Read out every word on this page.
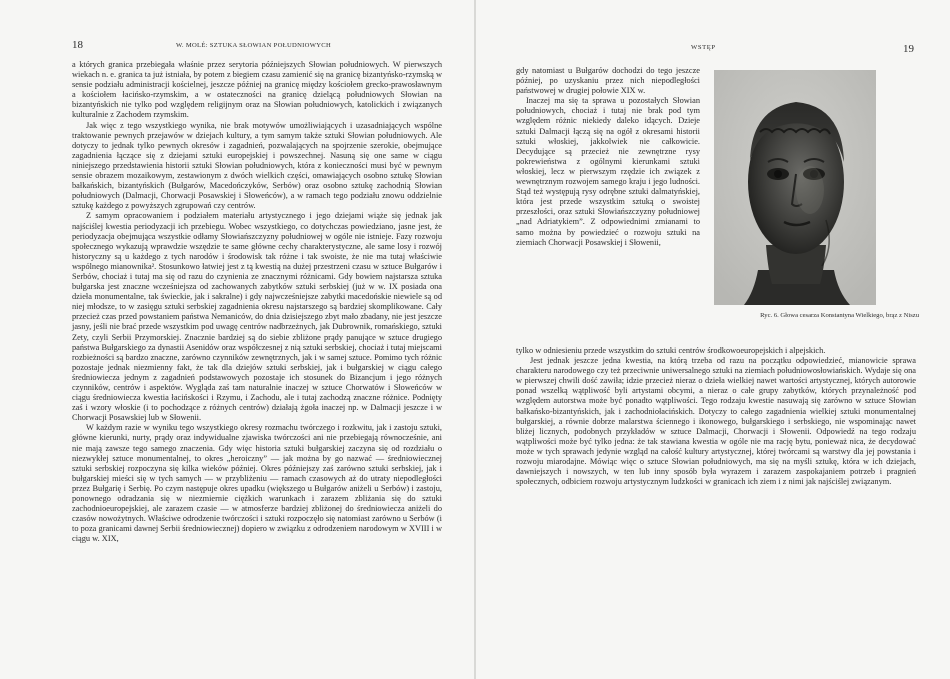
18	W. MOLÉ: SZTUKA SŁOWIAN POŁUDNIOWYCH

a których granica przebiegała właśnie przez serytoria późniejszych Słowian południowych. W pierwszych wiekach n. e. granica ta już istniała, by potem z biegiem czasu zamienić się na granicę bizantyńsko-rzymską w sensie podziału administracji kościelnej, jeszcze później na granicę między kościołem grecko-prawosławnym a kościołem łacińsko-rzymskim, a w ostateczności na granicę dzielącą południowych Słowian na bizantyńskich nie tylko pod względem religijnym oraz na Słowian południowych, katolickich i związanych kulturalnie z Zachodem rzymskim.

Jak więc z tego wszystkiego wynika, nie brak motywów umożliwiających i uzasadniających wspólne traktowanie pewnych przejawów w dziejach kultury, a tym samym także sztuki Słowian południowych. Ale dotyczy to jednak tylko pewnych okresów i zagadnień, pozwalających na spojrzenie szerokie, obejmujące zagadnienia łączące się z dziejami sztuki europejskiej i powszechnej. Nasuną się one same w ciągu niniejszego przedstawienia historii sztuki Słowian południowych, która z konieczności musi być w pewnym sensie obrazem mozaikowym, zestawionym z dwóch wielkich części, omawiających osobno sztukę Słowian bałkańskich, bizantyńskich (Bułgarów, Macedończyków, Serbów) oraz osobno sztukę zachodnią Słowian południowych (Dalmacji, Chorwacji Posawskiej i Słoweńców), a w ramach tego podziału znowu oddzielnie sztukę każdego z powyższych zgrupowań czy centrów.

Z samym opracowaniem i podziałem materiału artystycznego i jego dziejami wiąże się jednak jak najściślej kwestia periodyzacji ich przebiegu. Wobec wszystkiego, co dotychczas powiedziano, jasne jest, że periodyzacja obejmująca wszystkie odłamy Słowiańszczyzny południowej w ogóle nie istnieje. Fazy rozwoju społecznego wykazują wprawdzie wszędzie te same główne cechy charakterystyczne, ale same losy i rozwój historyczny są u każdego z tych narodów i środowisk tak różne i tak swoiste, że nie ma tutaj właściwie wspólnego mianownika². Stosunkowo łatwiej jest z tą kwestią na dużej przestrzeni czasu w sztuce Bułgarów i Serbów, chociaż i tutaj ma się od razu do czynienia ze znacznymi różnicami. Gdy bowiem najstarsza sztuka bułgarska jest znaczne wcześniejsza od zachowanych zabytków sztuki serbskiej (już w w. IX posiada ona dzieła monumentalne, tak świeckie, jak i sakralne) i gdy najwcześniejsze zabytki macedońskie niewiele są od niej młodsze, to w zasięgu sztuki serbskiej zagadnienia okresu najstarszego są bardziej skomplikowane. Cały przecież czas przed powstaniem państwa Nemaniców, do dnia dzisiejszego zbyt mało zbadany, nie jest jeszcze jasny, jeśli nie brać przede wszystkim pod uwagę centrów nadbrzeżnych, jak Dubrownik, romańskiego, sztuki Zety, czyli Serbii Przymorskiej. Znacznie bardziej są do siebie zbliżone prądy panujące w sztuce drugiego państwa Bułgarskiego za dynastii Asenidów oraz współczesnej z nią sztuki serbskiej, chociaż i tutaj miejscami rozbieżności są bardzo znaczne, zarówno czynników zewnętrznych, jak i w samej sztuce. Pomimo tych różnic pozostaje jednak niezmienny fakt, że tak dla dziejów sztuki serbskiej, jak i bułgarskiej w ciągu całego średniowiecza jednym z zagadnień podstawowych pozostaje ich stosunek do Bizancjum i jego różnych czynników, centrów i aspektów. Wygląda zaś tam naturalnie inaczej w sztuce Chorwatów i Słoweńców w ciągu średniowiecza kwestia łacińskości i Rzymu, i Zachodu, ale i tutaj zachodzą znaczne różnice. Podnięty zaś i wzory włoskie (i to pochodzące z różnych centrów) działają żgoła inaczej np. w Dalmacji jeszcze i w Chorwacji Posawskiej lub w Słowenii.

W każdym razie w wyniku tego wszystkiego okresy rozmachu twórczego i rozkwitu, jak i zastoju sztuki, główne kierunki, nurty, prądy oraz indywidualne zjawiska twórczości ani nie przebiegają równocześnie, ani nie mają zawsze tego samego znaczenia. Gdy więc historia sztuki bułgarskiej zaczyna się od rozdziału o niezwykłej sztuce monumentalnej, to okres „heroiczny” — jak można by go nazwać — średniowiecznej sztuki serbskiej rozpoczyna się kilka wieków później. Okres późniejszy zaś zarówno sztuki serbskiej, jak i bułgarskiej mieści się w tych samych — w przybliżeniu — ramach czasowych aż do utraty niepodległości przez Bułgarię i Serbię. Po czym następuje okres upadku (większego u Bułgarów aniżeli u Serbów) i zastoju, ponownego odradzania się w niezmiernie ciężkich warunkach i zarazem zbliżania się do sztuki zachodnioeuropejskiej, ale zarazem czasie — w atmosferze bardziej zbliżonej do średniowiecza aniżeli do czasów nowożytnych. Właściwe odrodzenie twórczości i sztuki rozpoczęło się natomiast zarówno u Serbów (i to poza granicami dawnej Serbii średniowiecznej) dopiero w związku z odrodzeniem narodowym w XVIII i w ciągu w. XIX,

WSTĘP	19

gdy natomiast u Bułgarów dochodzi do tego jeszcze później, po uzyskaniu przez nich niepodległości państwowej w drugiej połowie XIX w.

Inaczej ma się ta sprawa u pozostałych Słowian południowych, chociaż i tutaj nie brak pod tym względem różnic niekiedy daleko idących. Dzieje sztuki Dalmacji łączą się na ogół z okresami historii sztuki włoskiej, jakkolwiek nie całkowicie. Decydujące są przecież nie zewnętrzne rysy pokrewieństwa z ogólnymi kierunkami sztuki włoskiej, lecz w pierwszym rzędzie ich związek z wewnętrznym rozwojem samego kraju i jego ludności. Stąd też występują rysy odrębne sztuki dalmatyńskiej, która jest przede wszystkim sztuką o swoistej przeszłości, oraz sztuki Słowiańszczyzny południowej „nad Adriatykiem”. Z odpowiednimi zmianami to samo można by powiedzieć o rozwoju sztuki na ziemiach Chorwacji Posawskiej i Słowenii,

Ryc. 6. Głowa cesarza Konstantyna Wielkiego, brąz z Niszu

tylko w odniesieniu przede wszystkim do sztuki centrów środkowoeuropejskich i alpejskich.

Jest jednak jeszcze jedna kwestia, na którą trzeba od razu na początku odpowiedzieć, mianowicie sprawa charakteru narodowego czy też przeciwnie uniwersalnego sztuki na ziemiach południowosłowiańskich. Wydaje się ona w pierwszej chwili dość zawiła; idzie przecież nieraz o dzieła wielkiej nawet wartości artystycznej, których autorowie ponad wszelką wątpliwość byli artystami obcymi, a nieraz o całe grupy zabytków, których przynależność pod względem autorstwa może być ponadto wątpliwości. Tego rodzaju kwestie nasuwają się zarówno w sztuce Słowian bałkańsko-bizantyńskich, jak i zachodniołacińskich. Dotyczy to całego zagadnienia wielkiej sztuki monumentalnej bułgarskiej, a równie dobrze malarstwa ściennego i ikonowego, bułgarskiego i serbskiego, nie wspominając nawet bliżej licznych, podobnych przykładów w sztuce Dalmacji, Chorwacji i Słowenii. Odpowiedź na tego rodzaju wątpliwości może być tylko jedna: że tak stawiana kwestia w ogóle nie ma rację bytu, ponieważ nica, że decydować może w tych sprawach jedynie wzgląd na całość kultury artystycznej, której twórcami są warstwy dla jej powstania i rozwoju miarodajne. Mówiąc więc o sztuce Słowian południowych, ma się na myśli sztukę, która w ich dziejach, dawniejszych i nowszych, w ten lub inny sposób była wyrazem i zarazem zaspokajaniem potrzeb i pragnień społecznych, odbiciem rozwoju artystycznym ludzkości w granicach ich ziem i z nimi jak najściślej związanym.
